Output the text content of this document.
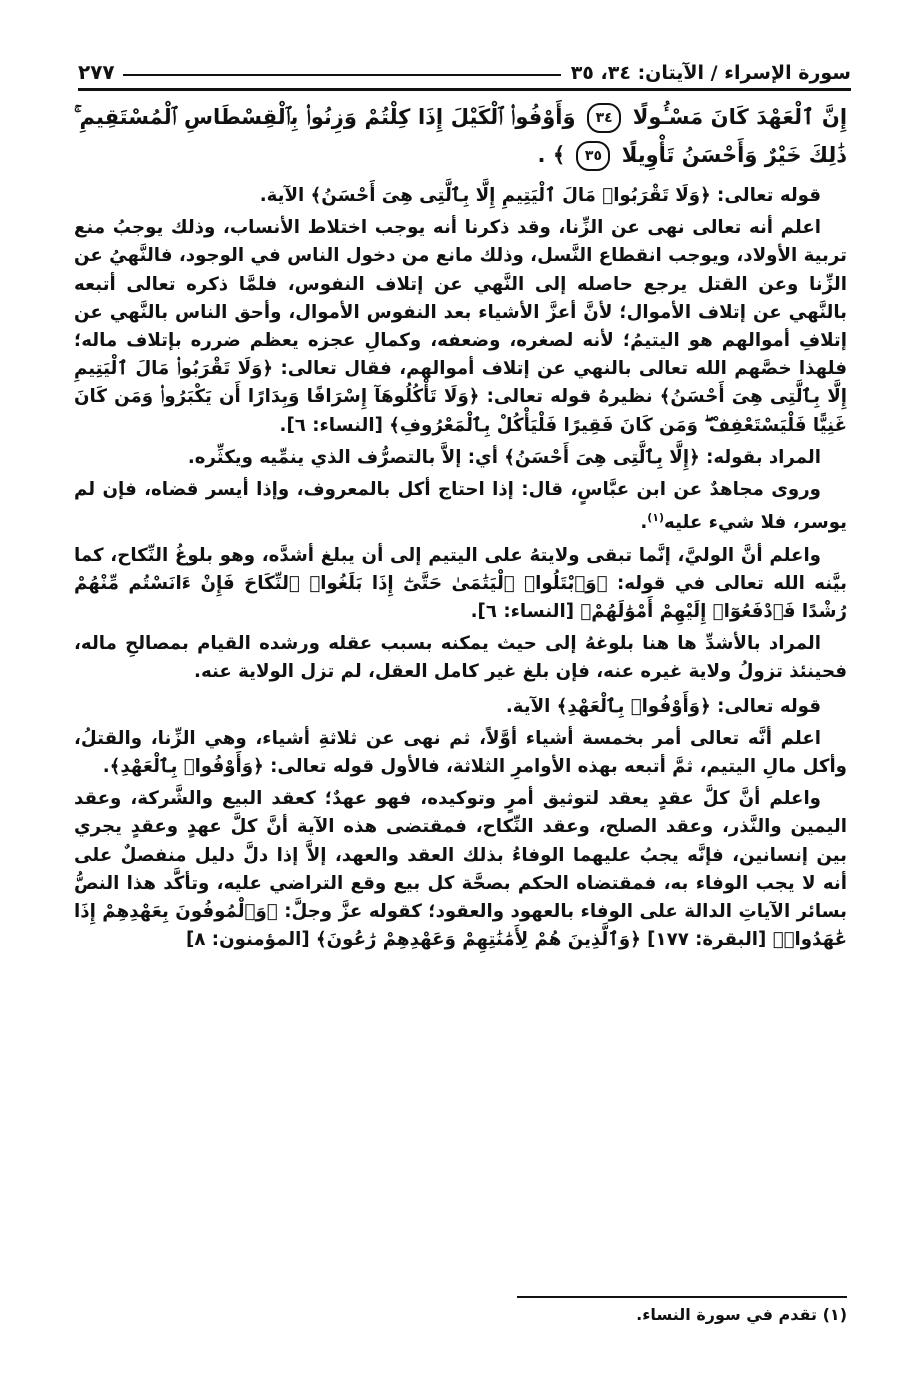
سورة الإسراء / الآيتان: ٣٤، ٣٥
٢٧٧
إِنَّ ٱلْعَهْدَ كَانَ مَسْـُٔولًا ٣٤ وَأَوْفُوا۟ ٱلْكَيْلَ إِذَا كِلْتُمْ وَزِنُوا۟ بِٱلْقِسْطَاسِ ٱلْمُسْتَقِيمِ ۚ ذَٰلِكَ خَيْرٌ وَأَحْسَنُ تَأْوِيلًا ٣٥ ﴾ .

قوله تعالى: ﴿وَلَا تَقْرَبُوا۟ مَالَ ٱلْيَتِيمِ إِلَّا بِٱلَّتِى هِىَ أَحْسَنُ﴾ الآية.

اعلم أنه تعالى نهى عن الزِّنا، وقد ذكرنا أنه يوجب اختلاط الأنساب، وذلك يوجبُ منع تربية الأولاد، ويوجب انقطاع النَّسل، وذلك مانع من دخول الناس في الوجود، فالنَّهيُ عن الزِّنا وعن القتل يرجع حاصله إلى النَّهي عن إتلاف النفوس، فلمَّا ذكره تعالى أتبعه بالنَّهي عن إتلاف الأموال؛ لأنَّ أعزَّ الأشياء بعد النفوس الأموال، وأحق الناس بالنَّهي عن إتلافِ أموالهم هو اليتيمُ؛ لأنه لصغره، وضعفه، وكمالِ عجزه يعظم ضرره بإتلاف ماله؛ فلهذا خصَّهم الله تعالى بالنهي عن إتلاف أموالهم، فقال تعالى: ﴿وَلَا تَقْرَبُوا۟ مَالَ ٱلْيَتِيمِ إِلَّا بِٱلَّتِى هِىَ أَحْسَنُ﴾ نظيرهُ قوله تعالى: ﴿وَلَا تَأْكُلُوهَآ إِسْرَافًا وَبِدَارًا أَن يَكْبَرُوا۟ وَمَن كَانَ غَنِيًّا فَلْيَسْتَعْفِفْ ۖ وَمَن كَانَ فَقِيرًا فَلْيَأْكُلْ بِٱلْمَعْرُوفِ﴾ [النساء: ٦].

المراد بقوله: ﴿إِلَّا بِٱلَّتِى هِىَ أَحْسَنُ﴾ أي: إلاَّ بالتصرُّف الذي ينمِّيه ويكثِّره.

وروى مجاهدٌ عن ابن عبَّاسٍ، قال: إذا احتاج أكل بالمعروف، وإذا أيسر قضاه، فإن لم يوسر، فلا شيء عليه$^{(١)}$.

واعلم أنَّ الوليَّ، إنَّما تبقى ولايتهُ على اليتيم إلى أن يبلغ أشدَّه، وهو بلوغُ النِّكاح، كما بيَّنه الله تعالى في قوله: ﴿وَٱبْتَلُوا۟ ٱلْيَتَٰمَىٰ حَتَّىٰٓ إِذَا بَلَغُوا۟ ٱلنِّكَاحَ فَإِنْ ءَانَسْتُم مِّنْهُمْ رُشْدًا فَٱدْفَعُوٓا۟ إِلَيْهِمْ أَمْوَٰلَهُمْ﴾ [النساء: ٦].

المراد بالأشدِّ ها هنا بلوغهُ إلى حيث يمكنه بسبب عقله ورشده القيام بمصالحِ ماله، فحينئذ تزولُ ولاية غيره عنه، فإن بلغ غير كامل العقل، لم تزل الولاية عنه.

قوله تعالى: ﴿وَأَوْفُوا۟ بِٱلْعَهْدِ﴾ الآية.

اعلم أنَّه تعالى أمر بخمسة أشياء أوَّلاً، ثم نهى عن ثلاثةِ أشياء، وهي الزِّنا، والقتلُ، وأكل مالِ اليتيم، ثمَّ أتبعه بهذه الأوامرِ الثلاثة، فالأول قوله تعالى: ﴿وَأَوْفُوا۟ بِٱلْعَهْدِ﴾.

واعلم أنَّ كلَّ عقدٍ يعقد لتوثيق أمرٍ وتوكيده، فهو عهدٌ؛ كعقد البيع والشَّركة، وعقد اليمين والنَّذر، وعقد الصلح، وعقد النِّكاح، فمقتضى هذه الآية أنَّ كلَّ عهدٍ وعقدٍ يجري بين إنسانين، فإنَّه يجبُ عليهما الوفاءُ بذلك العقد والعهد، إلاَّ إذا دلَّ دليل منفصلٌ على أنه لا يجب الوفاء به، فمقتضاه الحكم بصحَّة كل بيع وقع التراضي عليه، وتأكَّد هذا النصُّ بسائر الآياتِ الدالة على الوفاء بالعهود والعقود؛ كقوله عزَّ وجلَّ: ﴿وَٱلْمُوفُونَ بِعَهْدِهِمْ إِذَا عَٰهَدُوا۟﴾ [البقرة: ١٧٧] ﴿وَٱلَّذِينَ هُمْ لِأَمَٰنَٰتِهِمْ وَعَهْدِهِمْ رَٰعُونَ﴾ [المؤمنون: ٨]

(١) تقدم في سورة النساء.
